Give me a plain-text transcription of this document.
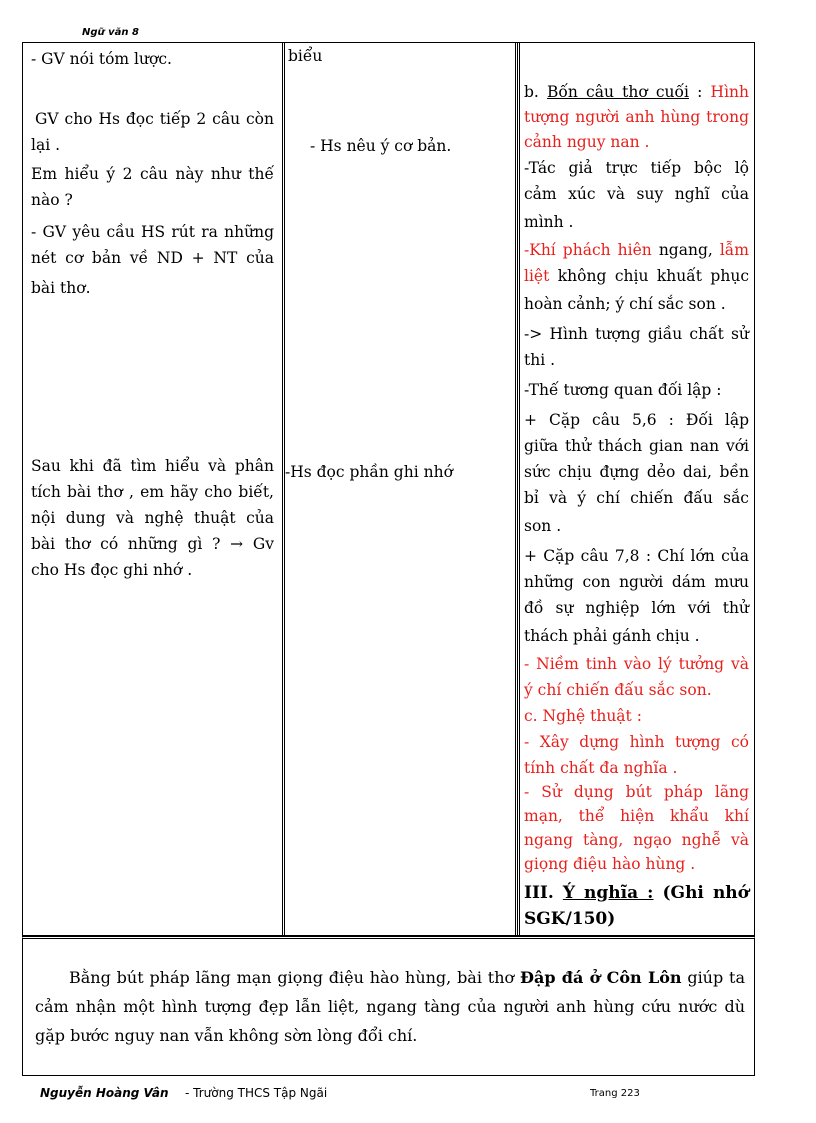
Ngữ văn 8
- GV nói tóm lược.
GV cho Hs đọc tiếp 2 câu còn lại .
Em hiểu ý 2 câu này như thế
nào ?
- GV yêu cầu HS rút ra những
nét cơ bản về ND + NT của
bài thơ.
Sau khi đã tìm hiểu và phân
tích bài thơ , em hãy cho biết,
nội dung và nghệ thuật của
bài thơ có những gì ? → Gv
cho Hs đọc ghi nhớ .
biểu
- Hs nêu ý cơ bản.
-Hs đọc phần ghi nhớ
b. Bốn câu thơ cuối : Hình
tượng người anh hùng trong
cảnh nguy nan .
-Tác giả trực tiếp bộc lộ
cảm xúc và suy nghĩ của
mình .
-Khí phách hiên ngang, lẫm
liệt không chịu khuất phục
hoàn cảnh; ý chí sắc son .
-> Hình tượng giầu chất sử
thi .
-Thế tương quan đối lập :
+ Cặp câu 5,6 : Đối lập
giữa thử thách gian nan với
sức chịu đựng dẻo dai, bền
bỉ và ý chí chiến đấu sắc
son .
+ Cặp câu 7,8 : Chí lớn của
những con người dám mưu
đồ sự nghiệp lớn với thử
thách phải gánh chịu .
- Niềm tinh vào lý tưởng và
ý chí chiến đấu sắc son.
c. Nghệ thuật :
- Xây dựng hình tượng có
tính chất đa nghĩa .
- Sử dụng bút pháp lãng
mạn, thể hiện khẩu khí
ngang tàng, ngạo nghễ và
giọng điệu hào hùng .
III. Ý nghĩa : (Ghi nhớ
SGK/150)
Bằng bút pháp lãng mạn giọng điệu hào hùng, bài thơ Đập đá ở Côn Lôn giúp ta cảm nhận một hình tượng đẹp lẫn liệt, ngang tàng của người anh hùng cứu nước dù gặp bước nguy nan vẫn không sờn lòng đổi chí.
Nguyễn Hoàng Vân - Trường THCS Tập Ngãi	Trang 223
